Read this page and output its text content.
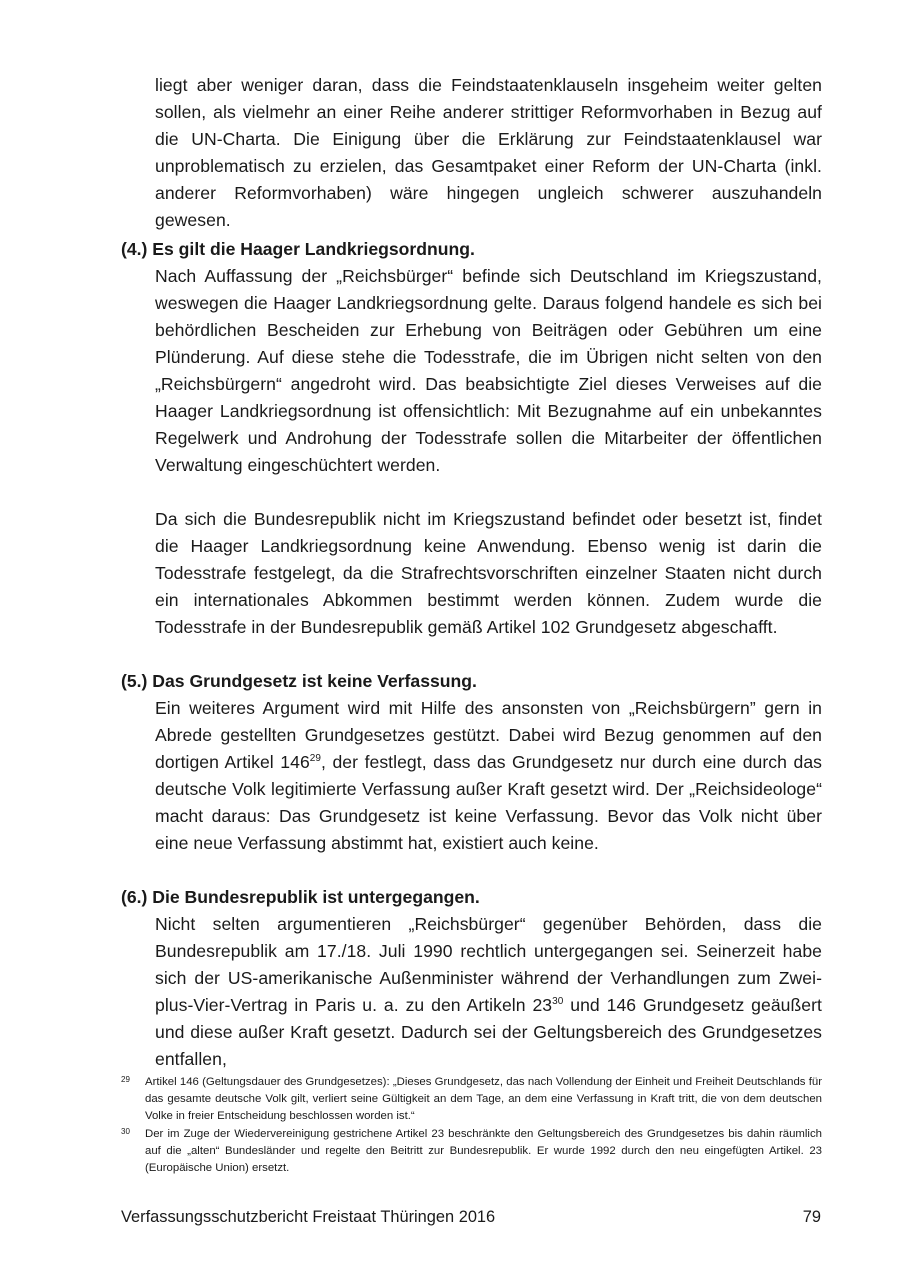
liegt aber weniger daran, dass die Feindstaatenklauseln insgeheim weiter gelten sollen, als vielmehr an einer Reihe anderer strittiger Reformvorhaben in Bezug auf die UN-Charta. Die Einigung über die Erklärung zur Feindstaatenklausel war unproblematisch zu erzielen, das Gesamtpaket einer Reform der UN-Charta (inkl. anderer Reformvorhaben) wäre hingegen ungleich schwerer auszuhandeln gewesen.

(4.) Es gilt die Haager Landkriegsordnung.

Nach Auffassung der „Reichsbürger“ befinde sich Deutschland im Kriegszustand, weswegen die Haager Landkriegsordnung gelte. Daraus folgend handele es sich bei behördlichen Bescheiden zur Erhebung von Beiträgen oder Gebühren um eine Plünderung. Auf diese stehe die Todesstrafe, die im Übrigen nicht selten von den „Reichsbürgern“ angedroht wird. Das beabsichtigte Ziel dieses Verweises auf die Haager Landkriegsordnung ist offensichtlich: Mit Bezugnahme auf ein unbekanntes Regelwerk und Androhung der Todesstrafe sollen die Mitarbeiter der öffentlichen Verwaltung eingeschüchtert werden.

Da sich die Bundesrepublik nicht im Kriegszustand befindet oder besetzt ist, findet die Haager Landkriegsordnung keine Anwendung. Ebenso wenig ist darin die Todesstrafe festgelegt, da die Strafrechtsvorschriften einzelner Staaten nicht durch ein internationales Abkommen bestimmt werden können. Zudem wurde die Todesstrafe in der Bundesrepublik gemäß Artikel 102 Grundgesetz abgeschafft.

(5.) Das Grundgesetz ist keine Verfassung.

Ein weiteres Argument wird mit Hilfe des ansonsten von „Reichsbürgern” gern in Abrede gestellten Grundgesetzes gestützt. Dabei wird Bezug genommen auf den dortigen Artikel $146^{29}$, der festlegt, dass das Grundgesetz nur durch eine durch das deutsche Volk legitimierte Verfassung außer Kraft gesetzt wird. Der „Reichsideologe“ macht daraus: Das Grundgesetz ist keine Verfassung. Bevor das Volk nicht über eine neue Verfassung abstimmt hat, existiert auch keine.

(6.) Die Bundesrepublik ist untergegangen.

Nicht selten argumentieren „Reichsbürger“ gegenüber Behörden, dass die Bundesrepublik am 17./18. Juli 1990 rechtlich untergegangen sei. Seinerzeit habe sich der US-amerikanische Außenminister während der Verhandlungen zum Zwei-plus-Vier-Vertrag in Paris u. a. zu den Artikeln $23^{30}$ und 146 Grundgesetz geäußert und diese außer Kraft gesetzt. Dadurch sei der Geltungsbereich des Grundgesetzes entfallen,

29 Artikel 146 (Geltungsdauer des Grundgesetzes): „Dieses Grundgesetz, das nach Vollendung der Einheit und Freiheit Deutschlands für das gesamte deutsche Volk gilt, verliert seine Gültigkeit an dem Tage, an dem eine Verfassung in Kraft tritt, die von dem deutschen Volke in freier Entscheidung beschlossen worden ist.“
30 Der im Zuge der Wiedervereinigung gestrichene Artikel 23 beschränkte den Geltungsbereich des Grundgesetzes bis dahin räumlich auf die „alten“ Bundesländer und regelte den Beitritt zur Bundesrepublik. Er wurde 1992 durch den neu eingefügten Artikel. 23 (Europäische Union) ersetzt.
Verfassungsschutzbericht Freistaat Thüringen 2016	79
